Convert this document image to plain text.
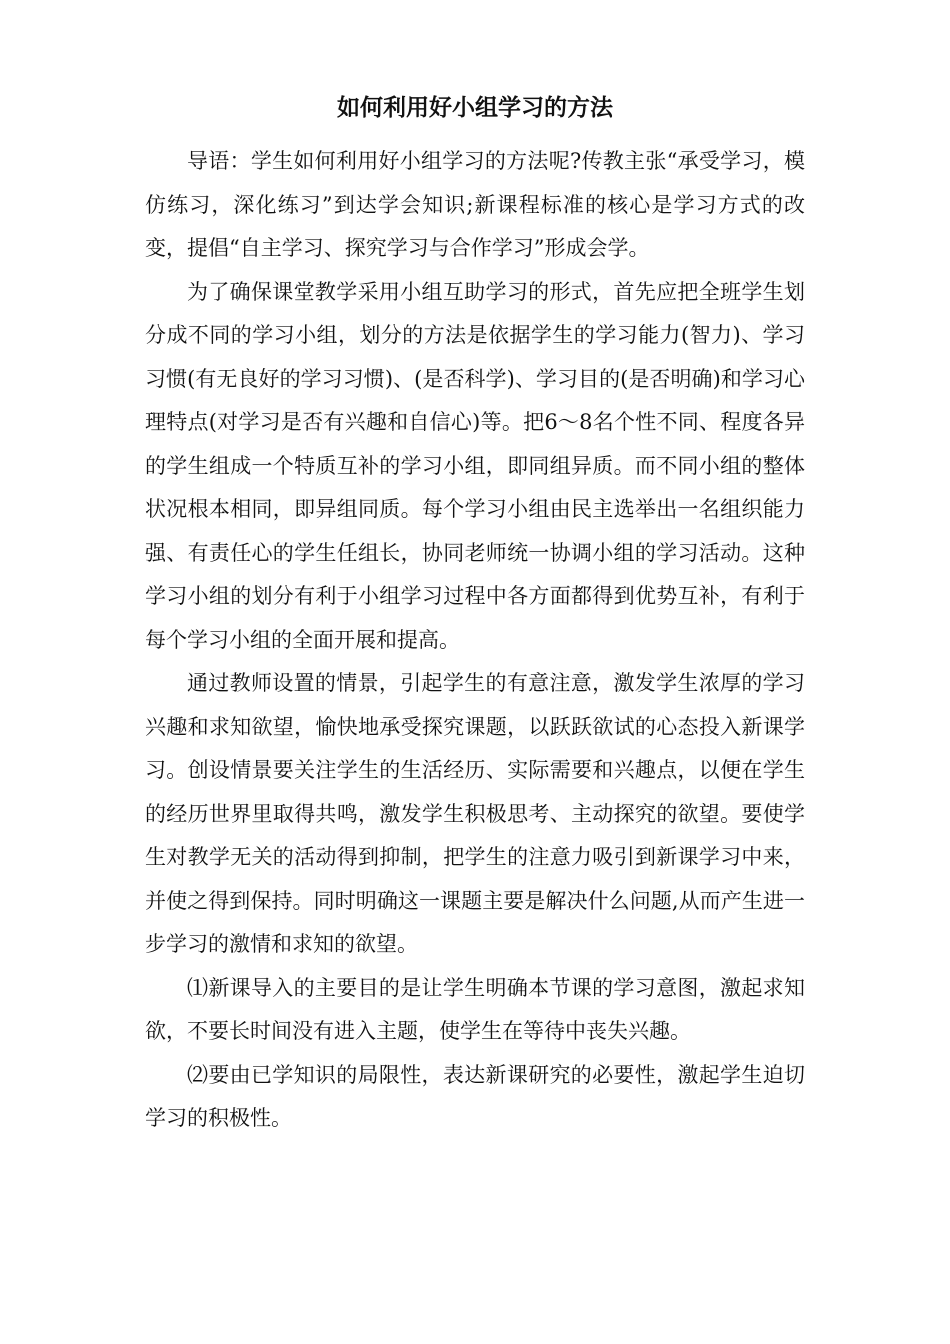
如何利用好小组学习的方法

导语：学生如何利用好小组学习的方法呢?传教主张“承受学习，模仿练习，深化练习”到达学会知识;新课程标准的核心是学习方式的改变，提倡“自主学习、探究学习与合作学习”形成会学。

为了确保课堂教学采用小组互助学习的形式，首先应把全班学生划分成不同的学习小组，划分的方法是依据学生的学习能力(智力)、学习习惯(有无良好的学习习惯)、(是否科学)、学习目的(是否明确)和学习心理特点(对学习是否有兴趣和自信心)等。把6～8名个性不同、程度各异的学生组成一个特质互补的学习小组，即同组异质。而不同小组的整体状况根本相同，即异组同质。每个学习小组由民主选举出一名组织能力强、有责任心的学生任组长，协同老师统一协调小组的学习活动。这种学习小组的划分有利于小组学习过程中各方面都得到优势互补，有利于每个学习小组的全面开展和提高。

通过教师设置的情景，引起学生的有意注意，激发学生浓厚的学习兴趣和求知欲望，愉快地承受探究课题，以跃跃欲试的心态投入新课学习。创设情景要关注学生的生活经历、实际需要和兴趣点，以便在学生的经历世界里取得共鸣，激发学生积极思考、主动探究的欲望。要使学生对教学无关的活动得到抑制，把学生的注意力吸引到新课学习中来，并使之得到保持。同时明确这一课题主要是解决什么问题,从而产生进一步学习的激情和求知的欲望。

⑴新课导入的主要目的是让学生明确本节课的学习意图，激起求知欲，不要长时间没有进入主题，使学生在等待中丧失兴趣。

⑵要由已学知识的局限性，表达新课研究的必要性，激起学生迫切学习的积极性。
